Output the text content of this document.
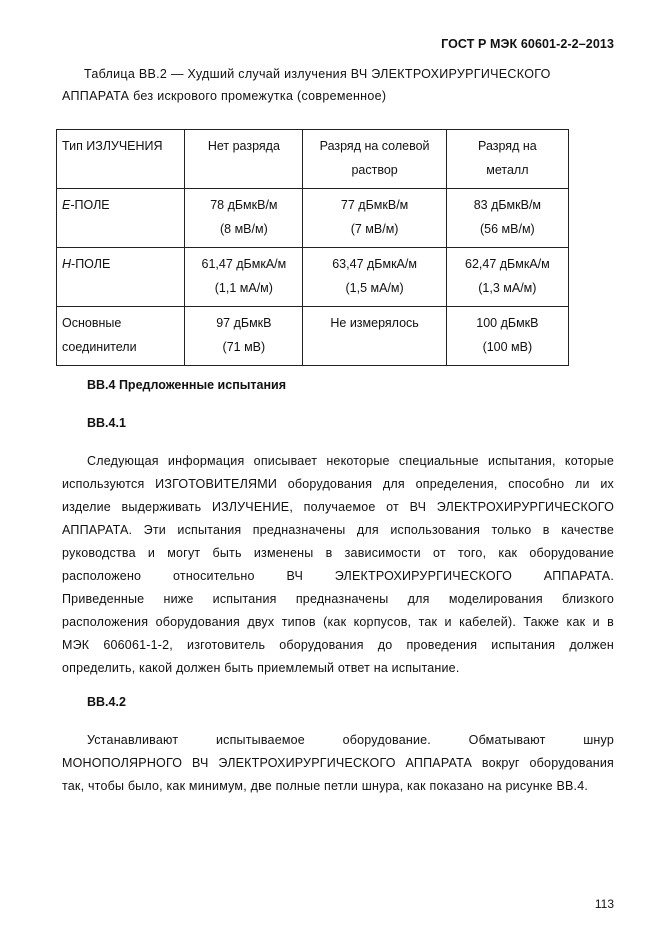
ГОСТ Р МЭК 60601-2-2–2013
Таблица ВВ.2 — Худший случай излучения ВЧ ЭЛЕКТРОХИРУРГИЧЕСКОГО
АППАРАТА без искрового промежутка (современное)
Тип ИЗЛУЧЕНИЯ	Нет разряда	Разряд на солевой
раствор	Разряд на
металл

E-ПОЛЕ	78 дБмкВ/м
(8 мВ/м)	77 дБмкВ/м
(7 мВ/м)	83 дБмкВ/м
(56 мВ/м)

H-ПОЛЕ	61,47 дБмкА/м
(1,1 мА/м)	63,47 дБмкА/м
(1,5 мА/м)	62,47 дБмкА/м
(1,3 мА/м)

Основные
соединители	97 дБмкВ
(71 мВ)	Не измерялось	100 дБмкВ
(100 мВ)
BB.4 Предложенные испытания
BB.4.1
Следующая информация описывает некоторые специальные испытания, которые
используются ИЗГОТОВИТЕЛЯМИ оборудования для определения, способно ли их
изделие выдерживать ИЗЛУЧЕНИЕ, получаемое от ВЧ ЭЛЕКТРОХИРУРГИЧЕСКОГО
АППАРАТА. Эти испытания предназначены для использования только в качестве
руководства и могут быть изменены в зависимости от того, как оборудование
расположено относительно ВЧ ЭЛЕКТРОХИРУРГИЧЕСКОГО АППАРАТА.
Приведенные ниже испытания предназначены для моделирования близкого
расположения оборудования двух типов (как корпусов, так и кабелей). Также как и в
МЭК 606061-1-2, изготовитель оборудования до проведения испытания должен
определить, какой должен быть приемлемый ответ на испытание.
BB.4.2
Устанавливают испытываемое оборудование. Обматывают шнур
МОНОПОЛЯРНОГО ВЧ ЭЛЕКТРОХИРУРГИЧЕСКОГО АППАРАТА вокруг оборудования
так, чтобы было, как минимум, две полные петли шнура, как показано на рисунке ВВ.4.
113
